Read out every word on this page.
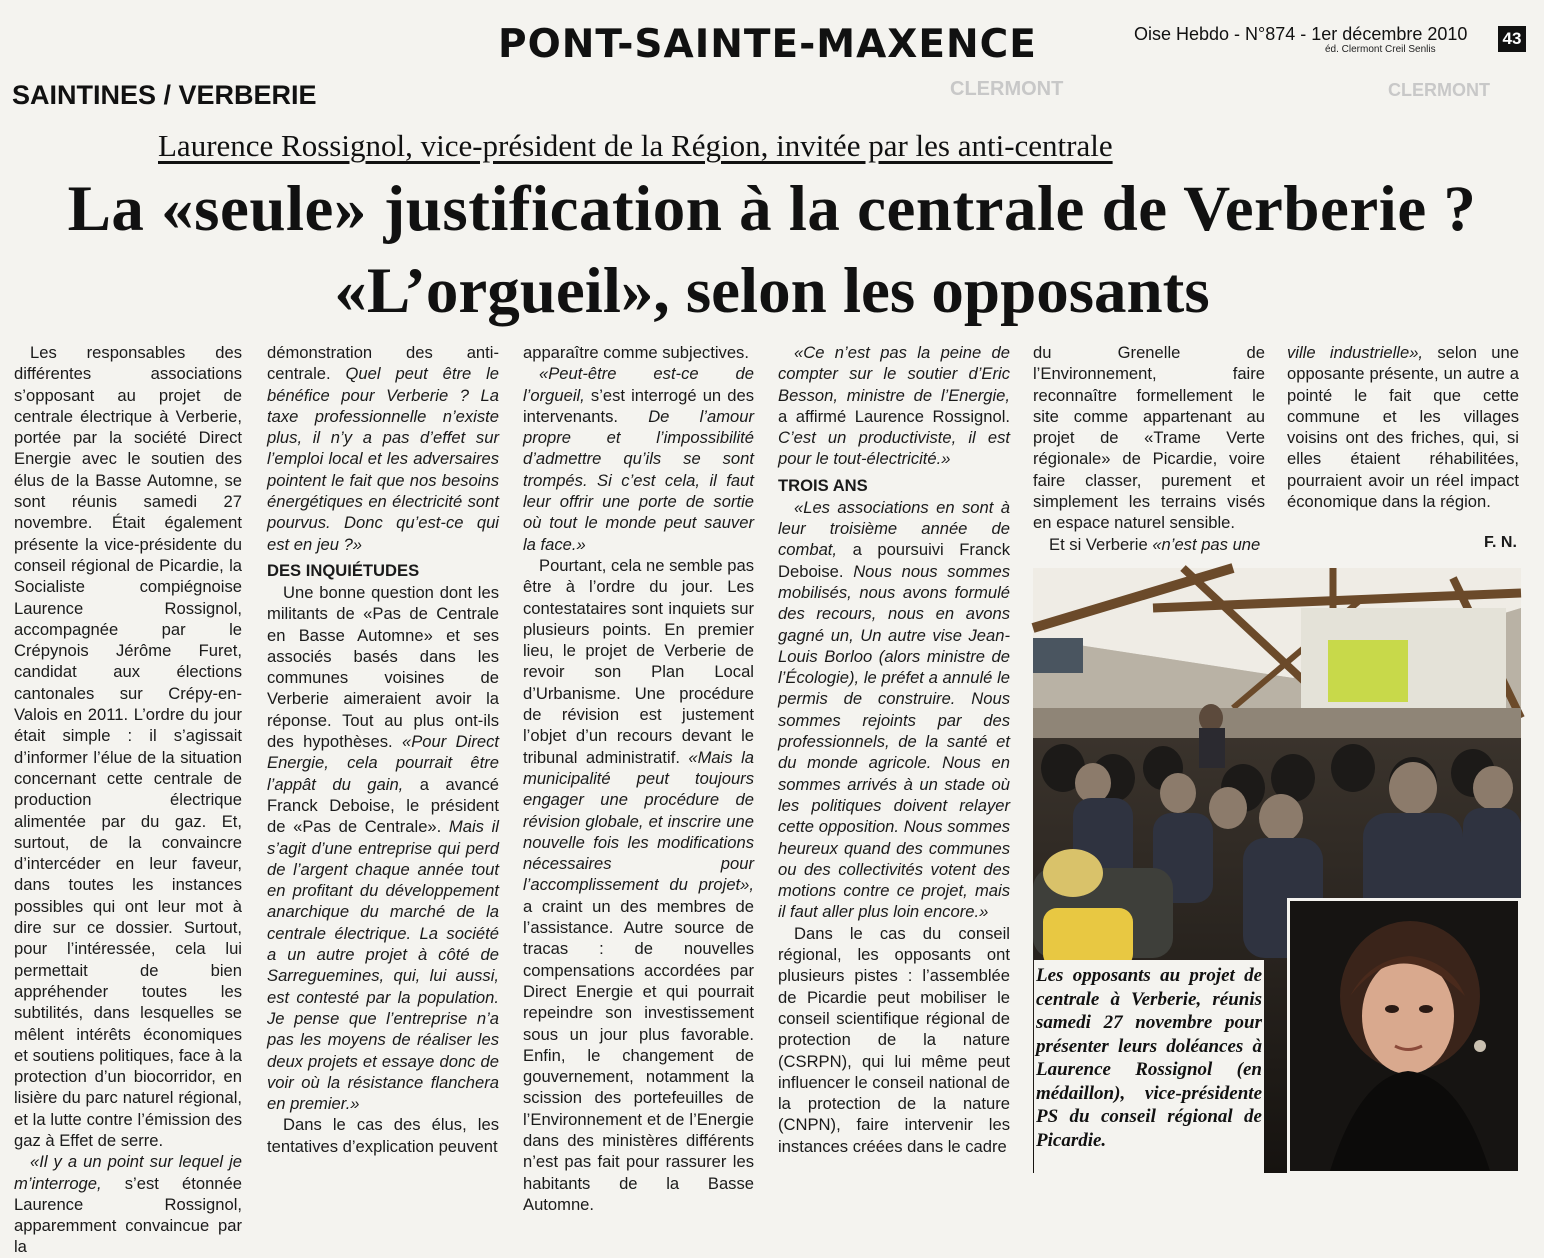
PONT-SAINTE-MAXENCE	Oise Hebdo - N°874 - 1er décembre 2010
éd. Clermont Creil Senlis
43
CLERMONT	CLERMONT
SAINTINES / VERBERIE
Laurence Rossignol, vice-président de la Région, invitée par les anti-centrale
La «seule» justification à la centrale de Verberie ?
«L’orgueil», selon les opposants

Les responsables des différentes associations s’opposant au projet de centrale électrique à Verberie, portée par la société Direct Energie avec le soutien des élus de la Basse Automne, se sont réunis samedi 27 novembre. Était également présente la vice-présidente du conseil régional de Picardie, la Socialiste compiégnoise Laurence Rossignol, accompagnée par le Crépynois Jérôme Furet, candidat aux élections cantonales sur Crépy-en-Valois en 2011. L’ordre du jour était simple : il s’agissait d’informer l’élue de la situation concernant cette centrale de production électrique alimentée par du gaz. Et, surtout, de la convaincre d’intercéder en leur faveur, dans toutes les instances possibles qui ont leur mot à dire sur ce dossier. Surtout, pour l’intéressée, cela lui permettait de bien appréhender toutes les subtilités, dans lesquelles se mêlent intérêts économiques et soutiens politiques, face à la protection d’un biocorridor, en lisière du parc naturel régional, et la lutte contre l’émission des gaz à Effet de serre.

«Il y a un point sur lequel je m’interroge, s’est étonnée Laurence Rossignol, apparemment convaincue par la

démonstration des anti-centrale. Quel peut être le bénéfice pour Verberie ? La taxe professionnelle n’existe plus, il n’y a pas d’effet sur l’emploi local et les adversaires pointent le fait que nos besoins énergétiques en électricité sont pourvus. Donc qu’est-ce qui est en jeu ?»

DES INQUIÉTUDES

Une bonne question dont les militants de «Pas de Centrale en Basse Automne» et ses associés basés dans les communes voisines de Verberie aimeraient avoir la réponse. Tout au plus ont-ils des hypothèses. «Pour Direct Energie, cela pourrait être l’appât du gain, a avancé Franck Deboise, le président de «Pas de Centrale». Mais il s’agit d’une entreprise qui perd de l’argent chaque année tout en profitant du développement anarchique du marché de la centrale électrique. La société a un autre projet à côté de Sarreguemines, qui, lui aussi, est contesté par la population. Je pense que l’entreprise n’a pas les moyens de réaliser les deux projets et essaye donc de voir où la résistance flanchera en premier.»

Dans le cas des élus, les tentatives d’explication peuvent

apparaître comme subjectives.

«Peut-être est-ce de l’orgueil, s’est interrogé un des intervenants. De l’amour propre et l’impossibilité d’admettre qu’ils se sont trompés. Si c’est cela, il faut leur offrir une porte de sortie où tout le monde peut sauver la face.»

Pourtant, cela ne semble pas être à l’ordre du jour. Les contestataires sont inquiets sur plusieurs points. En premier lieu, le projet de Verberie de revoir son Plan Local d’Urbanisme. Une procédure de révision est justement l’objet d’un recours devant le tribunal administratif. «Mais la municipalité peut toujours engager une procédure de révision globale, et inscrire une nouvelle fois les modifications nécessaires pour l’accomplissement du projet», a craint un des membres de l’assistance. Autre source de tracas : de nouvelles compensations accordées par Direct Energie et qui pourrait repeindre son investissement sous un jour plus favorable. Enfin, le changement de gouvernement, notamment la scission des portefeuilles de l’Environnement et de l’Energie dans des ministères différents n’est pas fait pour rassurer les habitants de la Basse Automne.

«Ce n’est pas la peine de compter sur le soutier d’Eric Besson, ministre de l’Energie, a affirmé Laurence Rossignol. C’est un productiviste, il est pour le tout-électricité.»

TROIS ANS

«Les associations en sont à leur troisième année de combat, a poursuivi Franck Deboise. Nous nous sommes mobilisés, nous avons formulé des recours, nous en avons gagné un, Un autre vise Jean-Louis Borloo (alors ministre de l’Écologie), le préfet a annulé le permis de construire. Nous sommes rejoints par des professionnels, de la santé et du monde agricole. Nous en sommes arrivés à un stade où les politiques doivent relayer cette opposition. Nous sommes heureux quand des communes ou des collectivités votent des motions contre ce projet, mais il faut aller plus loin encore.»

Dans le cas du conseil régional, les opposants ont plusieurs pistes : l’assemblée de Picardie peut mobiliser le conseil scientifique régional de protection de la nature (CSRPN), qui lui même peut influencer le conseil national de la protection de la nature (CNPN), faire intervenir les instances créées dans le cadre

du Grenelle de l’Environnement, faire reconnaître formellement le site comme appartenant au projet de «Trame Verte régionale» de Picardie, voire faire classer, purement et simplement les terrains visés en espace naturel sensible.

Et si Verberie «n’est pas une

ville industrielle», selon une opposante présente, un autre a pointé le fait que cette commune et les villages voisins ont des friches, qui, si elles étaient réhabilitées, pourraient avoir un réel impact économique dans la région.

F. N.
Les opposants au projet de centrale à Verberie, réunis samedi 27 novembre pour présenter leurs doléances à Laurence Rossignol (en médaillon), vice-présidente PS du conseil régional de Picardie.
